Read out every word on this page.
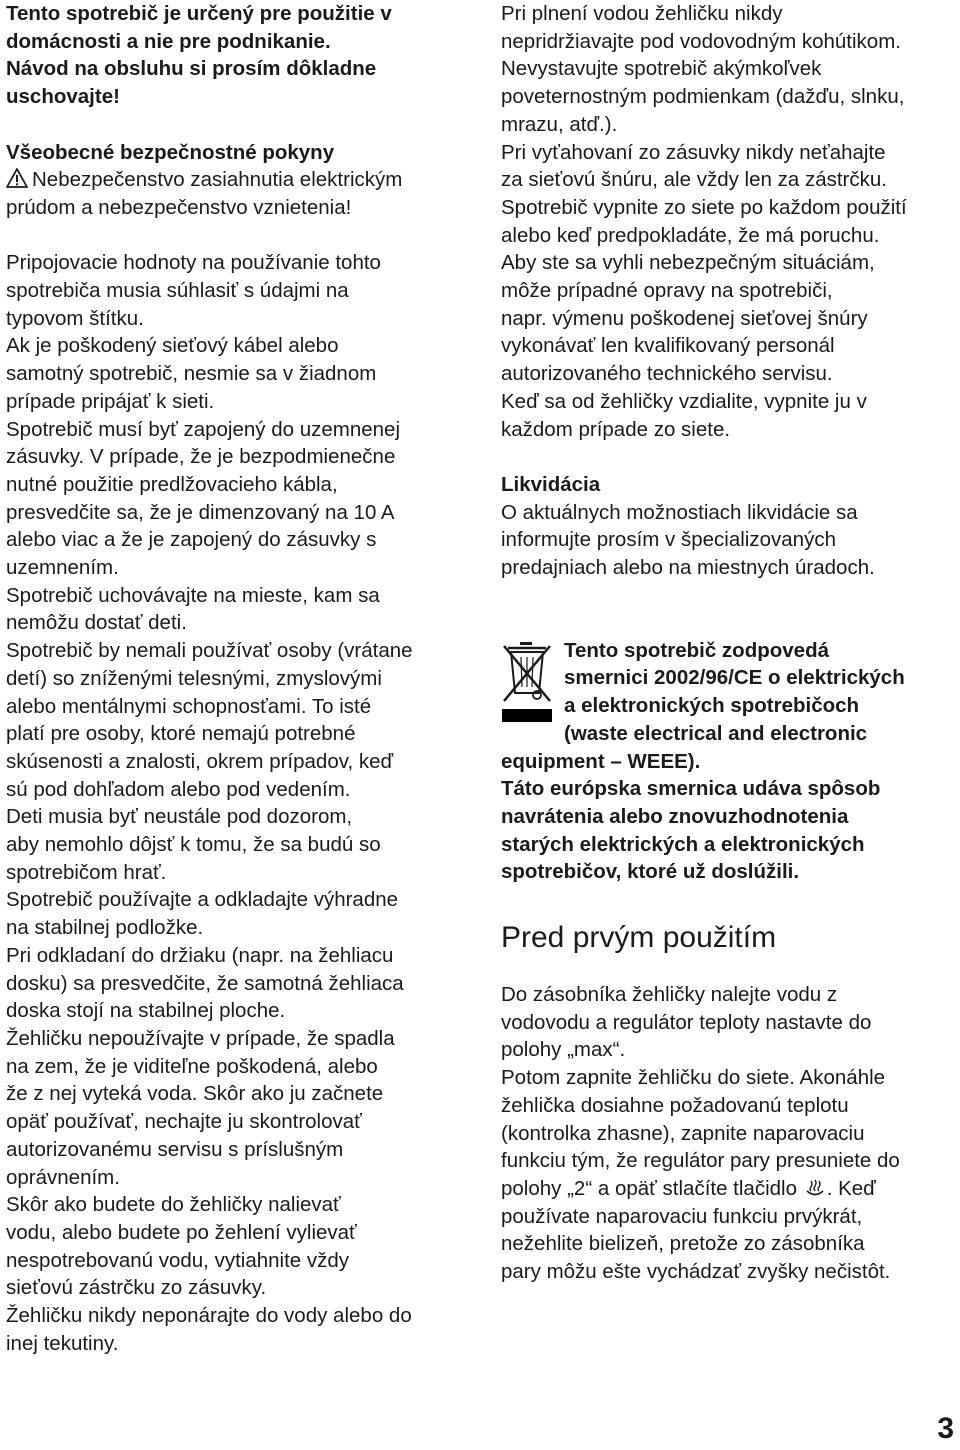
Tento spotrebič je určený pre použitie v
domácnosti a nie pre podnikanie.
Návod na obsluhu si prosím dôkladne
uschovajte!

Všeobecné bezpečnostné pokyny

Nebezpečenstvo zasiahnutia elektrickým
prúdom a nebezpečenstvo vznietenia!

Pripojovacie hodnoty na používanie tohto
spotrebiča musia súhlasiť s údajmi na
typovom štítku.

Ak je poškodený sieťový kábel alebo
samotný spotrebič, nesmie sa v žiadnom
prípade pripájať k sieti.

Spotrebič musí byť zapojený do uzemnenej
zásuvky. V prípade, že je bezpodmienečne
nutné použitie predlžovacieho kábla,
presvedčite sa, že je dimenzovaný na 10 A
alebo viac a že je zapojený do zásuvky s
uzemnením.

Spotrebič uchovávajte na mieste, kam sa
nemôžu dostať deti.

Spotrebič by nemali používať osoby (vrátane
detí) so zníženými telesnými, zmyslovými
alebo mentálnymi schopnosťami. To isté
platí pre osoby, ktoré nemajú potrebné
skúsenosti a znalosti, okrem prípadov, keď
sú pod dohľadom alebo pod vedením.

Deti musia byť neustále pod dozorom,
aby nemohlo dôjsť k tomu, že sa budú so
spotrebičom hrať.

Spotrebič používajte a odkladajte výhradne
na stabilnej podložke.

Pri odkladaní do držiaku (napr. na žehliacu
dosku) sa presvedčite, že samotná žehliaca
doska stojí na stabilnej ploche.

Žehličku nepoužívajte v prípade, že spadla
na zem, že je viditeľne poškodená, alebo
že z nej vyteká voda. Skôr ako ju začnete
opäť používať, nechajte ju skontrolovať
autorizovanému servisu s príslušným
oprávnením.

Skôr ako budete do žehličky nalievať
vodu, alebo budete po žehlení vylievať
nespotrebovanú vodu, vytiahnite vždy
sieťovú zástrčku zo zásuvky.

Žehličku nikdy neponárajte do vody alebo do
inej tekutiny.

Pri plnení vodou žehličku nikdy
nepridržiavajte pod vodovodným kohútikom.

Nevystavujte spotrebič akýmkoľvek
poveternostným podmienkam (dažďu, slnku,
mrazu, atď.).

Pri vyťahovaní zo zásuvky nikdy neťahajte
za sieťovú šnúru, ale vždy len za zástrčku.

Spotrebič vypnite zo siete po každom použití
alebo keď predpokladáte, že má poruchu.

Aby ste sa vyhli nebezpečným situáciám,
môže prípadné opravy na spotrebiči,
napr. výmenu poškodenej sieťovej šnúry
vykonávať len kvalifikovaný personál
autorizovaného technického servisu.

Keď sa od žehličky vzdialite, vypnite ju v
každom prípade zo siete.

Likvidácia

O aktuálnych možnostiach likvidácie sa
informujte prosím v špecializovaných
predajniach alebo na miestnych úradoch.

Tento spotrebič zodpovedá
smernici 2002/96/CE o elektrických
a elektronických spotrebičoch
(waste electrical and electronic

equipment – WEEE).
Táto európska smernica udáva spôsob
navrátenia alebo znovuzhodnotenia
starých elektrických a elektronických
spotrebičov, ktoré už doslúžili.

Pred prvým použitím

Do zásobníka žehličky nalejte vodu z
vodovodu a regulátor teploty nastavte do
polohy „max“.

Potom zapnite žehličku do siete. Akonáhle
žehlička dosiahne požadovanú teplotu
(kontrolka zhasne), zapnite naparovaciu
funkciu tým, že regulátor pary presuniete do
polohy „2“ a opäť stlačíte tlačidlo . Keď
používate naparovaciu funkciu prvýkrát,
nežehlite bielizeň, pretože zo zásobníka
pary môžu ešte vychádzať zvyšky nečistôt.

3
